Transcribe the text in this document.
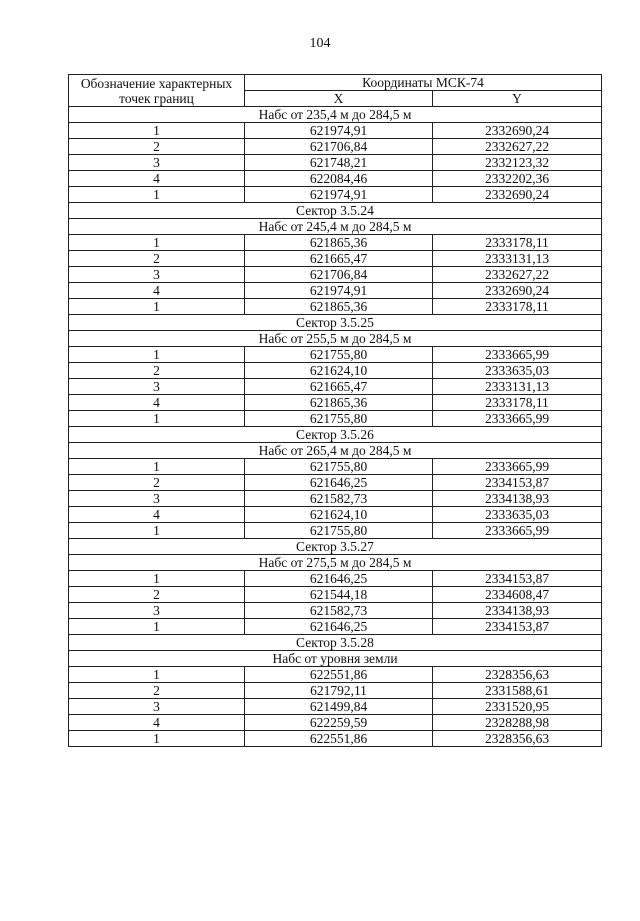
104
Обозначение характерных точек границ	Координаты МСК-74	
	X	Y
Набс от 235,4 м до 284,5 м		
1	621974,91	2332690,24
2	621706,84	2332627,22
3	621748,21	2332123,32
4	622084,46	2332202,36
1	621974,91	2332690,24
Сектор 3.5.24		
Набс от 245,4 м до 284,5 м		
1	621865,36	2333178,11
2	621665,47	2333131,13
3	621706,84	2332627,22
4	621974,91	2332690,24
1	621865,36	2333178,11
Сектор 3.5.25		
Набс от 255,5 м до 284,5 м		
1	621755,80	2333665,99
2	621624,10	2333635,03
3	621665,47	2333131,13
4	621865,36	2333178,11
1	621755,80	2333665,99
Сектор 3.5.26		
Набс от 265,4 м до 284,5 м		
1	621755,80	2333665,99
2	621646,25	2334153,87
3	621582,73	2334138,93
4	621624,10	2333635,03
1	621755,80	2333665,99
Сектор 3.5.27		
Набс от 275,5 м до 284,5 м		
1	621646,25	2334153,87
2	621544,18	2334608,47
3	621582,73	2334138,93
1	621646,25	2334153,87
Сектор 3.5.28		
Набс от уровня земли		
1	622551,86	2328356,63
2	621792,11	2331588,61
3	621499,84	2331520,95
4	622259,59	2328288,98
1	622551,86	2328356,63
